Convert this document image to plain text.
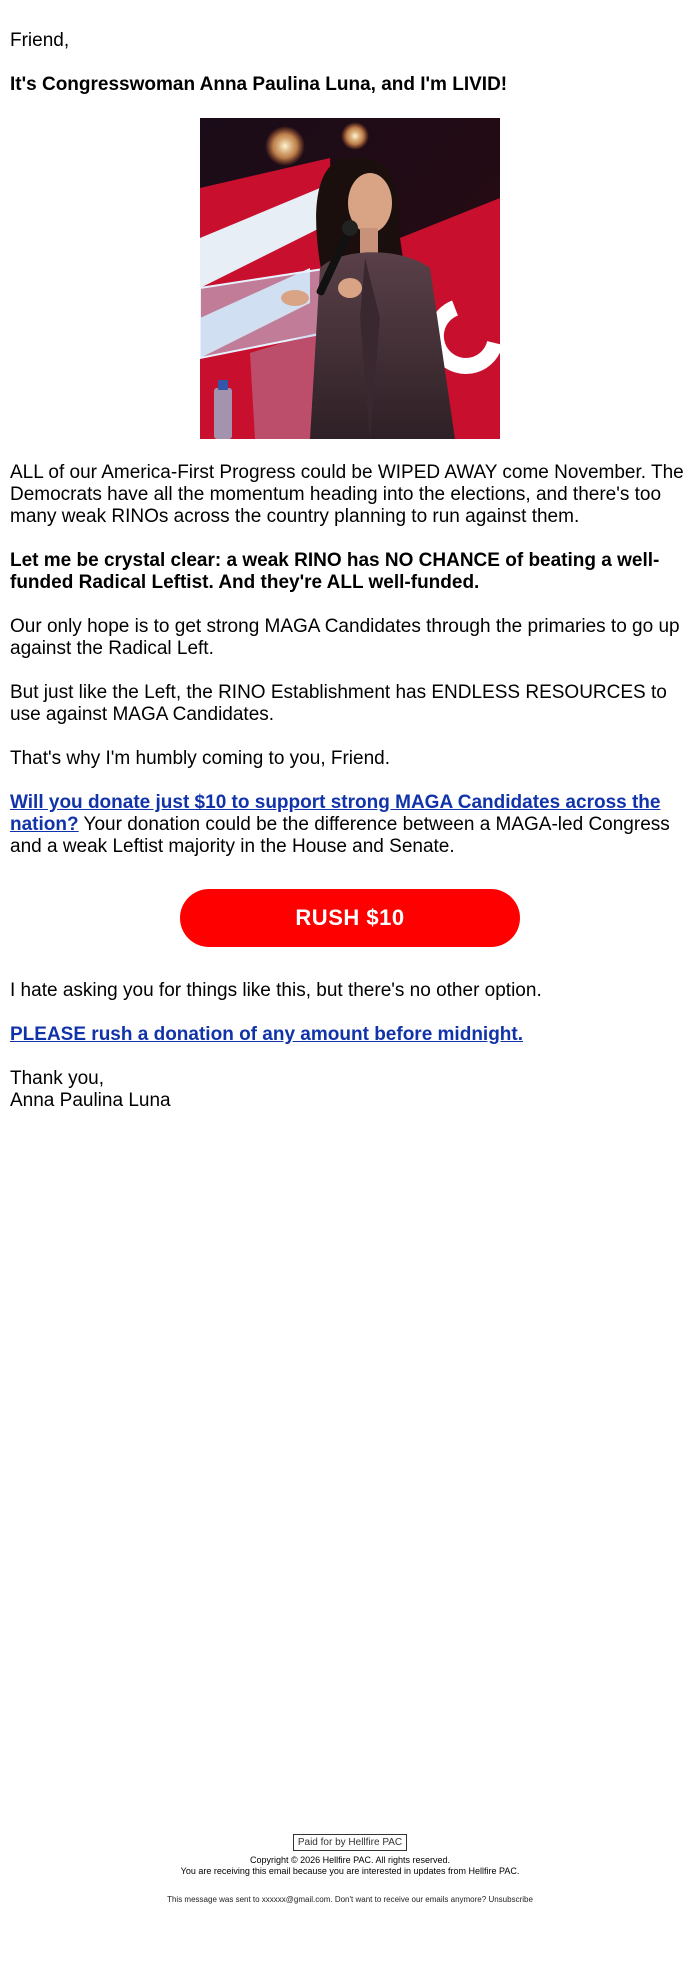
Friend,

It's Congresswoman Anna Paulina Luna, and I'm LIVID!

ALL of our America-First Progress could be WIPED AWAY come November. The Democrats have all the momentum heading into the elections, and there's too many weak RINOs across the country planning to run against them.

Let me be crystal clear: a weak RINO has NO CHANCE of beating a well-funded Radical Leftist. And they're ALL well-funded.

Our only hope is to get strong MAGA Candidates through the primaries to go up against the Radical Left.

But just like the Left, the RINO Establishment has ENDLESS RESOURCES to use against MAGA Candidates.

That's why I'm humbly coming to you, Friend.

Will you donate just $10 to support strong MAGA Candidates across the nation? Your donation could be the difference between a MAGA-led Congress and a weak Leftist majority in the House and Senate.

I hate asking you for things like this, but there's no other option.

PLEASE rush a donation of any amount before midnight.

Thank you,

Anna Paulina Luna

RUSH $10
Paid for by Hellfire PAC
Copyright © 2026 Hellfire PAC. All rights reserved.
You are receiving this email because you are interested in updates from Hellfire PAC.
This message was sent to xxxxxx@gmail.com. Don't want to receive our emails anymore? Unsubscribe
